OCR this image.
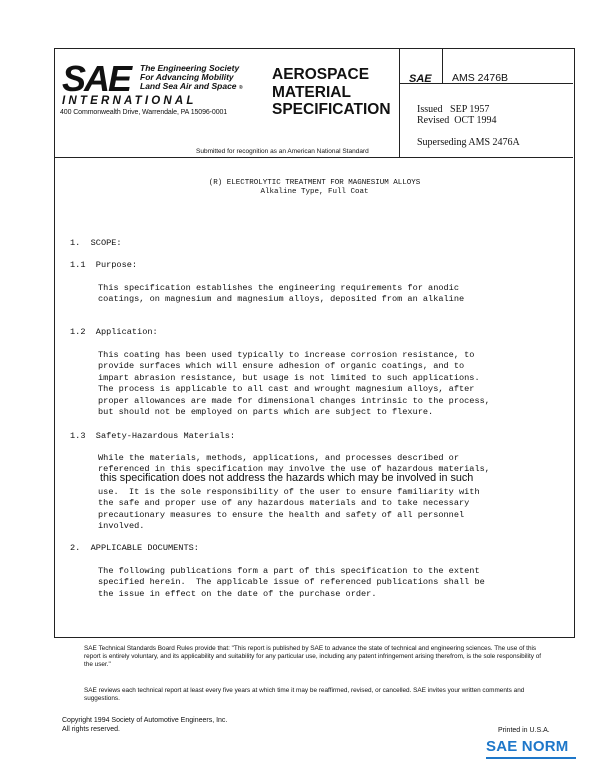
SAE The Engineering Society
For Advancing Mobility
Land Sea Air and Space ®
INTERNATIONAL
400 Commonwealth Drive, Warrendale, PA 15096-0001
AEROSPACE
MATERIAL
SPECIFICATION
SAE AMS 2476B
Issued   SEP 1957
Revised  OCT 1994
Superseding AMS 2476A
Submitted for recognition as an American National Standard
(R) ELECTROLYTIC TREATMENT FOR MAGNESIUM ALLOYS
Alkaline Type, Full Coat
1.  SCOPE:
1.1  Purpose:
This specification establishes the engineering requirements for anodic
coatings, on magnesium and magnesium alloys, deposited from an alkaline
1.2  Application:
This coating has been used typically to increase corrosion resistance, to
provide surfaces which will ensure adhesion of organic coatings, and to
impart abrasion resistance, but usage is not limited to such applications.
The process is applicable to all cast and wrought magnesium alloys, after
proper allowances are made for dimensional changes intrinsic to the process,
but should not be employed on parts which are subject to flexure.
1.3  Safety-Hazardous Materials:
While the materials, methods, applications, and processes described or
referenced in this specification may involve the use of hazardous materials,
this specification does not address the hazards which may be involved in such
use.  It is the sole responsibility of the user to ensure familiarity with
the safe and proper use of any hazardous materials and to take necessary
precautionary measures to ensure the health and safety of all personnel
involved.
2.  APPLICABLE DOCUMENTS:
The following publications form a part of this specification to the extent
specified herein.  The applicable issue of referenced publications shall be
the issue in effect on the date of the purchase order.
SAE Technical Standards Board Rules provide that: "This report is published by SAE to advance the state of technical and engineering sciences. The use of this report is entirely voluntary, and its applicability and suitability for any particular use, including any patent infringement arising therefrom, is the sole responsibility of the user."
SAE reviews each technical report at least every five years at which time it may be reaffirmed, revised, or cancelled. SAE invites your written comments and suggestions.
Copyright 1994 Society of Automotive Engineers, Inc.
All rights reserved.	Printed in U.S.A.
SAE NORM
